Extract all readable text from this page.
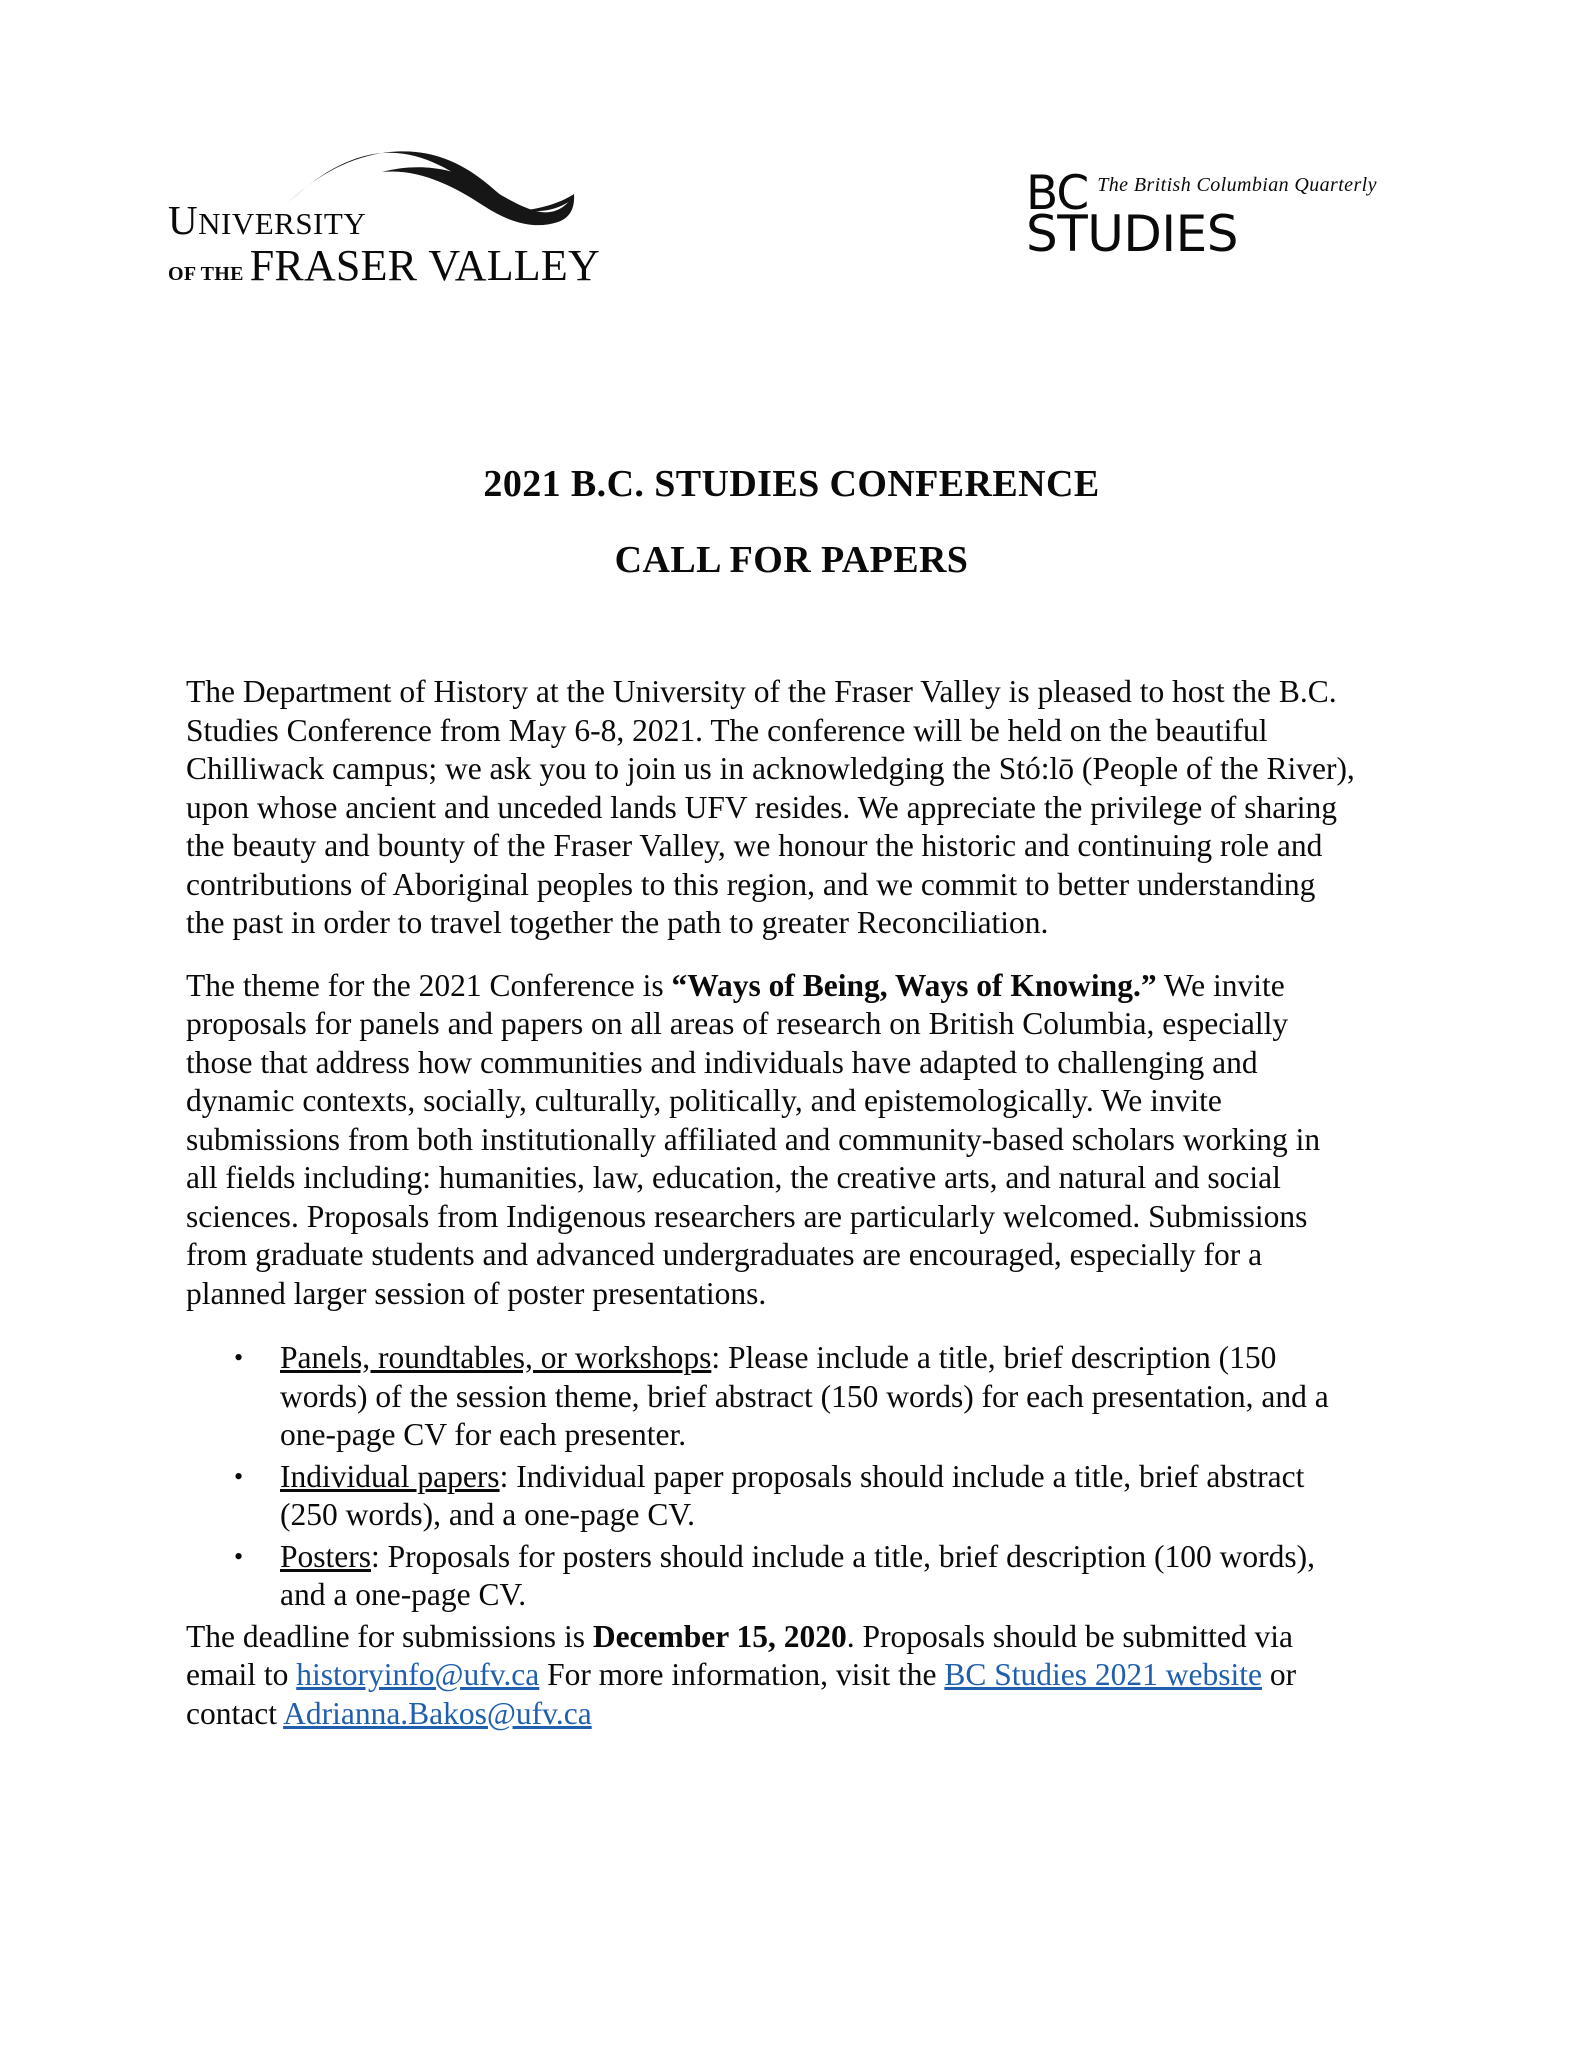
UNIVERSITY
OF THE FRASER VALLEY
BC The British Columbian Quarterly
STUDIES
2021 B.C. STUDIES CONFERENCE
CALL FOR PAPERS

The Department of History at the University of the Fraser Valley is pleased to host the B.C. Studies Conference from May 6-8, 2021. The conference will be held on the beautiful Chilliwack campus; we ask you to join us in acknowledging the Stó:lō (People of the River), upon whose ancient and unceded lands UFV resides. We appreciate the privilege of sharing the beauty and bounty of the Fraser Valley, we honour the historic and continuing role and contributions of Aboriginal peoples to this region, and we commit to better understanding the past in order to travel together the path to greater Reconciliation.

The theme for the 2021 Conference is “Ways of Being, Ways of Knowing.” We invite proposals for panels and papers on all areas of research on British Columbia, especially those that address how communities and individuals have adapted to challenging and dynamic contexts, socially, culturally, politically, and epistemologically. We invite submissions from both institutionally affiliated and community-based scholars working in all fields including: humanities, law, education, the creative arts, and natural and social sciences. Proposals from Indigenous researchers are particularly welcomed. Submissions from graduate students and advanced undergraduates are encouraged, especially for a planned larger session of poster presentations.

• Panels, roundtables, or workshops: Please include a title, brief description (150 words) of the session theme, brief abstract (150 words) for each presentation, and a one-page CV for each presenter.
• Individual papers: Individual paper proposals should include a title, brief abstract (250 words), and a one-page CV.
• Posters: Proposals for posters should include a title, brief description (100 words), and a one-page CV.

The deadline for submissions is December 15, 2020. Proposals should be submitted via email to historyinfo@ufv.ca For more information, visit the BC Studies 2021 website or contact Adrianna.Bakos@ufv.ca
